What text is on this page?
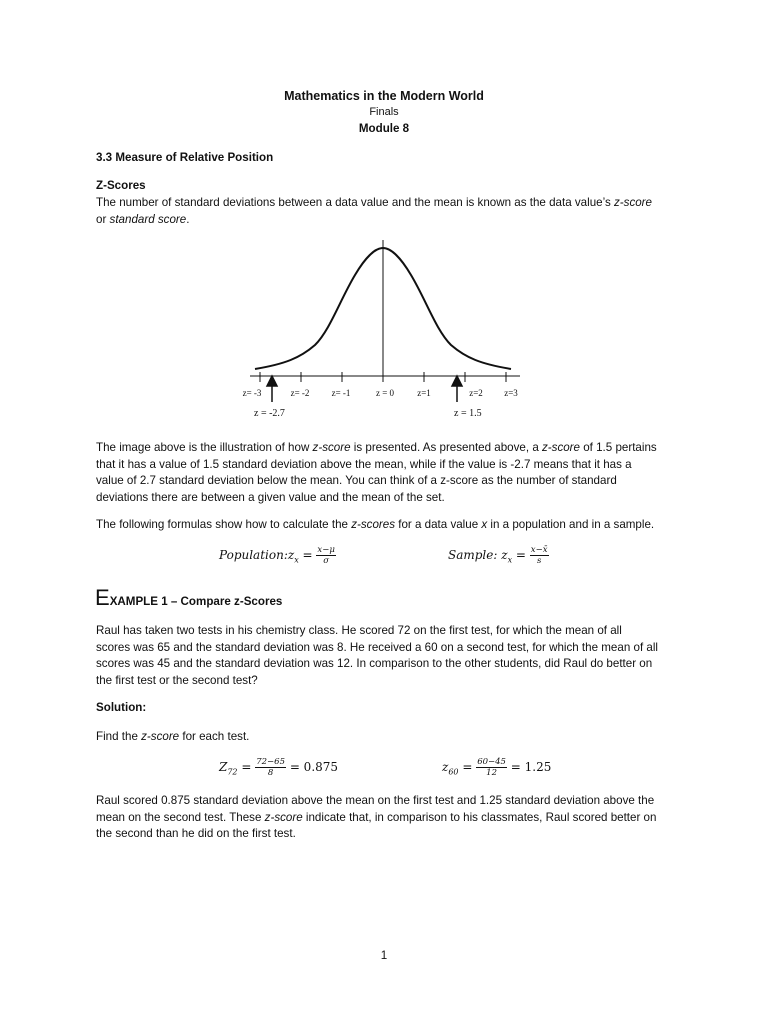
Mathematics in the Modern World
Finals
Module 8
3.3 Measure of Relative Position
Z-Scores
The number of standard deviations between a data value and the mean is known as the data value’s z-score
or standard score.
z= -3	z= -2 z= -1	z = 0	z=1	z=2 z=3
z = -2.7	z = 1.5
The image above is the illustration of how z-score is presented. As presented above, a z-score of 1.5 pertains
that it has a value of 1.5 standard deviation above the mean, while if the value is -2.7 means that it has a
value of 2.7 standard deviation below the mean. You can think of a z-score as the number of standard
deviations there are between a given value and the mean of the set.
The following formulas show how to calculate the z-scores for a data value x in a population and in a sample.
$Population:z_x = \frac{x-\mu}{\sigma}$	Sample: $z_x = \frac{x-x̄}{s}$
EXAMPLE 1 – Compare z-Scores
Raul has taken two tests in his chemistry class. He scored 72 on the first test, for which the mean of all
scores was 65 and the standard deviation was 8. He received a 60 on a second test, for which the mean of all
scores was 45 and the standard deviation was 12. In comparison to the other students, did Raul do better on
the first test or the second test?
Solution:
Find the z-score for each test.
$Z_{72} = \frac{72-65}{8} = 0.875$	$z_{60} = \frac{60-45}{12} = 1.25$
Raul scored 0.875 standard deviation above the mean on the first test and 1.25 standard deviation above the
mean on the second test. These z-score indicate that, in comparison to his classmates, Raul scored better on
the second than he did on the first test.
1
